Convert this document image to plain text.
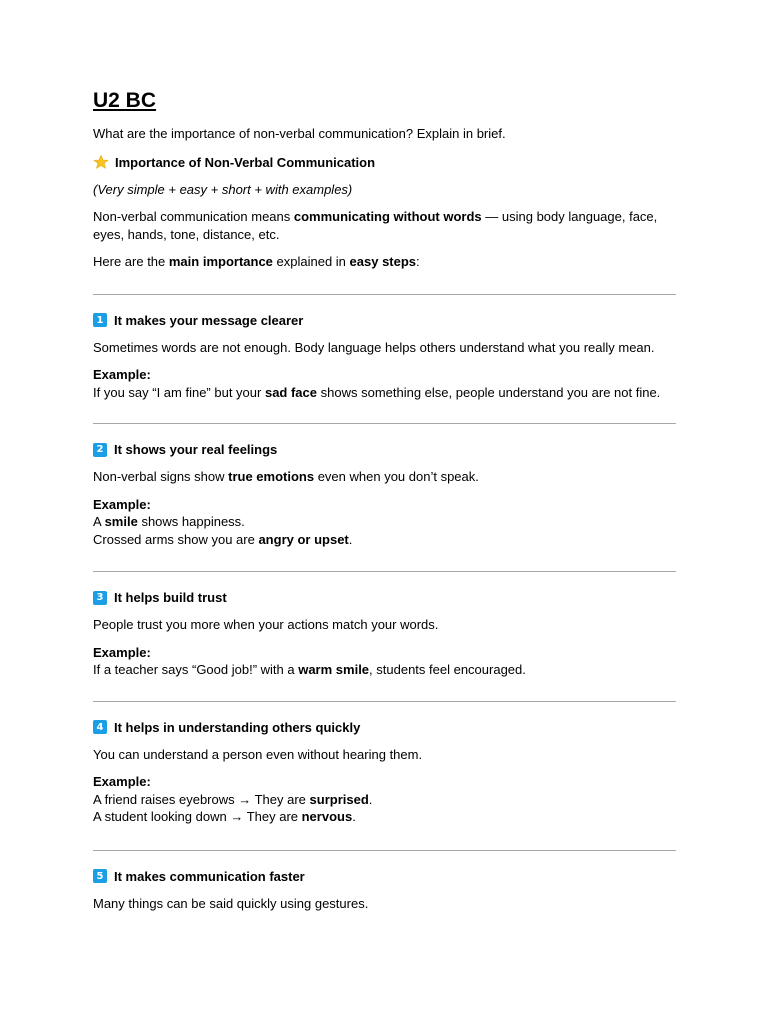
U2 BC

What are the importance of non-verbal communication? Explain in brief.

Importance of Non-Verbal Communication

(Very simple + easy + short + with examples)

Non-verbal communication means communicating without words — using body language, face, eyes, hands, tone, distance, etc.

Here are the main importance explained in easy steps:

1 It makes your message clearer

Sometimes words are not enough. Body language helps others understand what you really mean.

Example:

If you say “I am fine” but your sad face shows something else, people understand you are not fine.

2 It shows your real feelings

Non-verbal signs show true emotions even when you don’t speak.

Example:

A smile shows happiness.

Crossed arms show you are angry or upset.

3 It helps build trust

People trust you more when your actions match your words.

Example:

If a teacher says “Good job!” with a warm smile, students feel encouraged.

4 It helps in understanding others quickly

You can understand a person even without hearing them.

Example:

A friend raises eyebrows → They are surprised.

A student looking down → They are nervous.

5 It makes communication faster

Many things can be said quickly using gestures.
